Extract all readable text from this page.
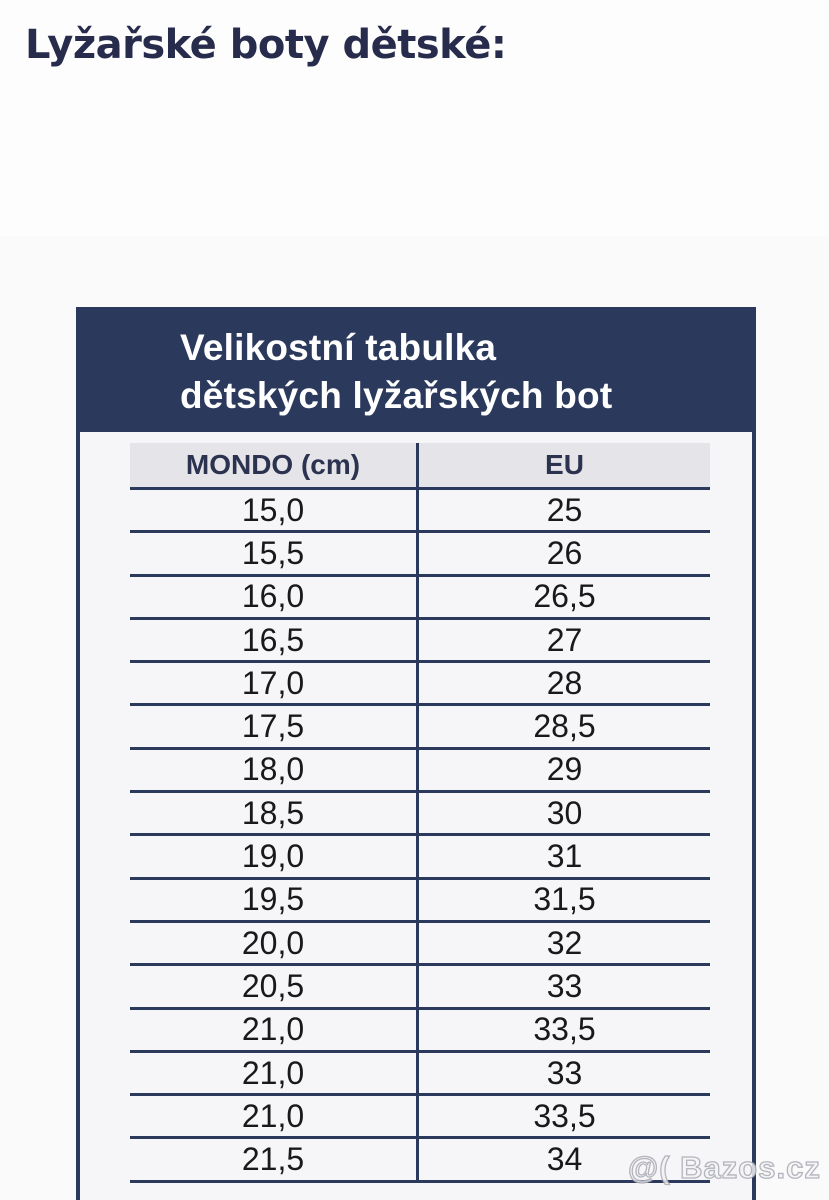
Lyžařské boty dětské:
Velikostní tabulka
dětských lyžařských bot
MONDO (cm)	EU
15,0	25
15,5	26
16,0	26,5
16,5	27
17,0	28
17,5	28,5
18,0	29
18,5	30
19,0	31
19,5	31,5
20,0	32
20,5	33
21,0	33,5
21,0	33
21,0	33,5
21,5	34	@( Bazos.cz
